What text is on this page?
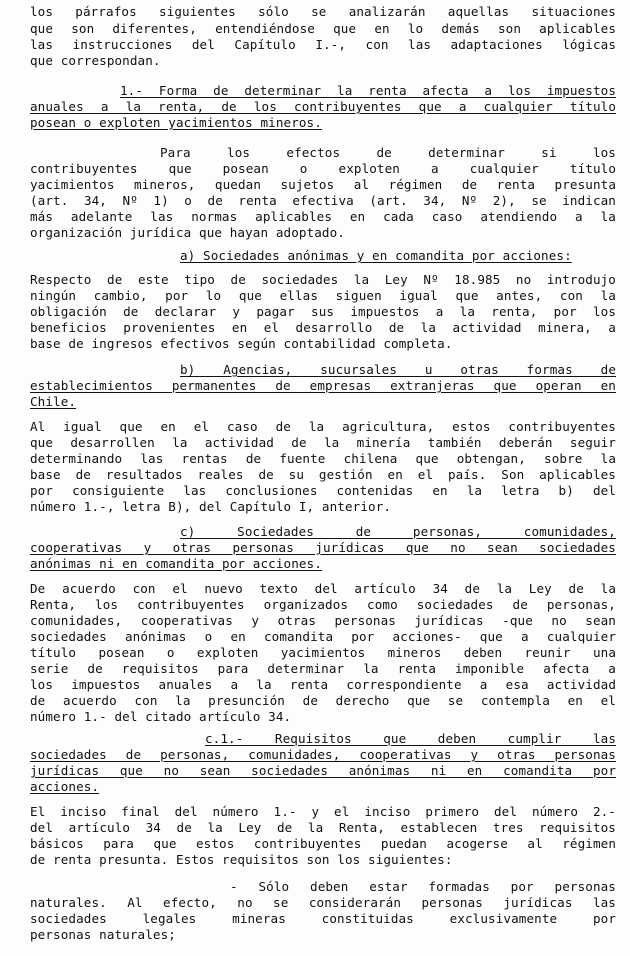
los párrafos siguientes sólo se analizarán aquellas situaciones
que son diferentes, entendiéndose que en lo demás son aplicables
las instrucciones del Capítulo I.-, con las adaptaciones lógicas
que correspondan.
1.- Forma de determinar la renta afecta a los impuestos
anuales a la renta, de los contribuyentes que a cualquier título
posean o exploten yacimientos mineros.
Para los efectos de determinar si los
contribuyentes que posean o exploten a cualquier título
yacimientos mineros, quedan sujetos al régimen de renta presunta
(art. 34, Nº 1) o de renta efectiva (art. 34, Nº 2), se indican
más adelante las normas aplicables en cada caso atendiendo a la
organización jurídica que hayan adoptado.
a) Sociedades anónimas y en comandita por acciones:
Respecto de este tipo de sociedades la Ley Nº 18.985 no introdujo
ningún cambio, por lo que ellas siguen igual que antes, con la
obligación de declarar y pagar sus impuestos a la renta, por los
beneficios provenientes en el desarrollo de la actividad minera, a
base de ingresos efectivos según contabilidad completa.
b) Agencias, sucursales u otras formas de
establecimientos permanentes de empresas extranjeras que operan en
Chile.
Al igual que en el caso de la agricultura, estos contribuyentes
que desarrollen la actividad de la minería también deberán seguir
determinando las rentas de fuente chilena que obtengan, sobre la
base de resultados reales de su gestión en el país. Son aplicables
por consiguiente las conclusiones contenidas en la letra b) del
número 1.-, letra B), del Capítulo I, anterior.
c) Sociedades de personas, comunidades,
cooperativas y otras personas jurídicas que no sean sociedades
anónimas ni en comandita por acciones.
De acuerdo con el nuevo texto del artículo 34 de la Ley de la
Renta, los contribuyentes organizados como sociedades de personas,
comunidades, cooperativas y otras personas jurídicas -que no sean
sociedades anónimas o en comandita por acciones- que a cualquier
título posean o exploten yacimientos mineros deben reunir una
serie de requisitos para determinar la renta imponible afecta a
los impuestos anuales a la renta correspondiente a esa actividad
de acuerdo con la presunción de derecho que se contempla en el
número 1.- del citado artículo 34.
c.1.- Requisitos que deben cumplir las
sociedades de personas, comunidades, cooperativas y otras personas
jurídicas que no sean sociedades anónimas ni en comandita por
acciones.
El inciso final del número 1.- y el inciso primero del número 2.-
del artículo 34 de la Ley de la Renta, establecen tres requisitos
básicos para que estos contribuyentes puedan acogerse al régimen
de renta presunta. Estos requisitos son los siguientes:
- Sólo deben estar formadas por personas
naturales. Al efecto, no se considerarán personas jurídicas las
sociedades legales mineras constituidas exclusivamente por
personas naturales;
